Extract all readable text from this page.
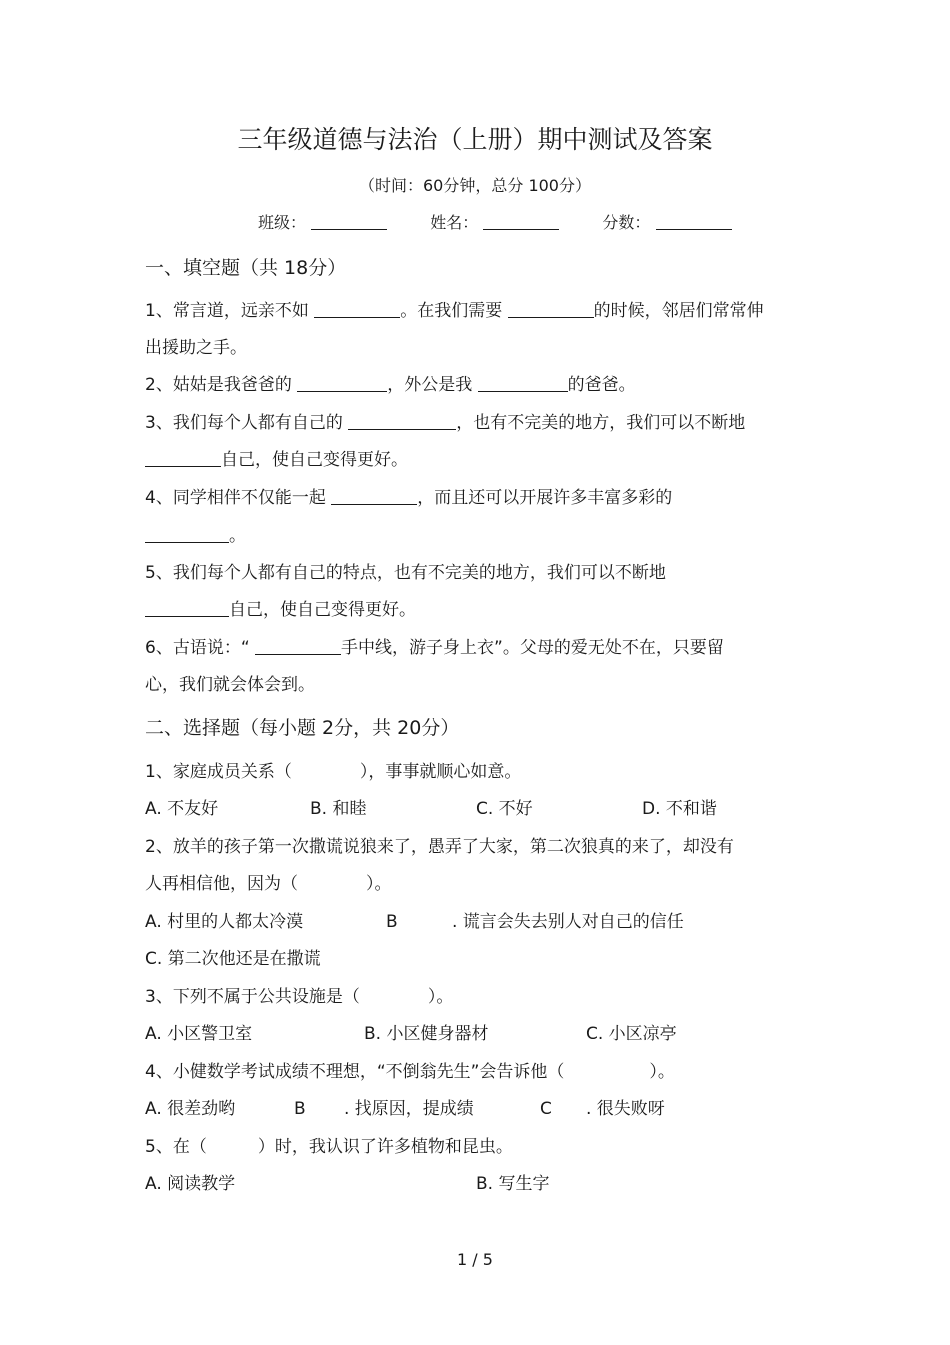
三年级道德与法治（上册）期中测试及答案
（时间：60分钟，总分 100分）
班级：	姓名：	分数：
一、填空题（共 18分）
1、常言道，远亲不如	。在我们需要	的时候，邻居们常常伸
出援助之手。
2、姑姑是我爸爸的	，外公是我	的爸爸。
3、我们每个人都有自己的	，也有不完美的地方，我们可以不断地
自己，使自己变得更好。
4、同学相伴不仅能一起	，而且还可以开展许多丰富多彩的
。
5、我们每个人都有自己的特点，也有不完美的地方，我们可以不断地
自己，使自己变得更好。
6、古语说：“	手中线，游子身上衣”。父母的爱无处不在，只要留
心，我们就会体会到。
二、选择题（每小题 2分，共 20分）
1、家庭成员关系（　　　　），事事就顺心如意。
A. 不友好	B. 和睦	C. 不好	D. 不和谐
2、放羊的孩子第一次撒谎说狼来了，愚弄了大家，第二次狼真的来了，却没有
人再相信他，因为（　　　　）。
A. 村里的人都太冷漠	B	. 谎言会失去别人对自己的信任
C. 第二次他还是在撒谎
3、下列不属于公共设施是（　　　　）。
A. 小区警卫室	B. 小区健身器材	C. 小区凉亭
4、小健数学考试成绩不理想，“不倒翁先生”会告诉他（　　　　　）。
A. 很差劲哟	B . 找原因，提成绩	C . 很失败呀
5、在（　　　）时，我认识了许多植物和昆虫。
A. 阅读教学	B. 写生字
1 / 5
